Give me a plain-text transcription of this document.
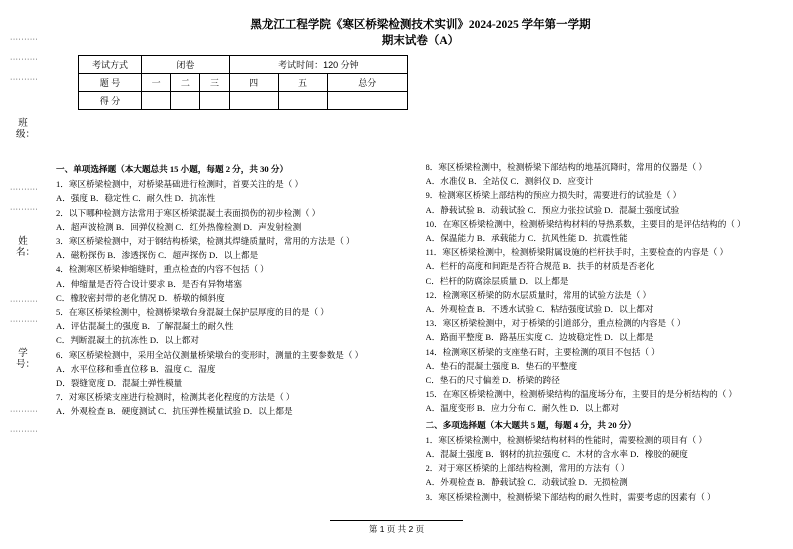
··········
··········
··········
班 级：
··········
··········
姓 名：
··········
··········
学 号：
··········
··········
黑龙江工程学院《寒区桥梁检测技术实训》2024-2025 学年第一学期
期末试卷（A）
考试方式	闭卷			考试时间：120 分钟		
题 号	一	二	三	四	五	总分
得 分						

一、单项选择题（本大题总共 15 小题，每题 2 分，共 30 分）

1．寒区桥梁检测中，对桥梁基础进行检测时，首要关注的是（ ）

A．强度 B．稳定性 C．耐久性 D．抗冻性

2．以下哪种检测方法常用于寒区桥梁混凝土表面损伤的初步检测（ ）

A．超声波检测 B．回弹仪检测 C．红外热像检测 D．声发射检测

3．寒区桥梁检测中，对于钢结构桥梁，检测其焊缝质量时，常用的方法是（ ）

A．磁粉探伤 B．渗透探伤 C．超声探伤 D．以上都是

4．检测寒区桥梁伸缩缝时，重点检查的内容不包括（ ）

A．伸缩量是否符合设计要求 B．是否有异物堵塞

C．橡胶密封带的老化情况 D．桥墩的倾斜度

5．在寒区桥梁检测中，检测桥梁墩台身混凝土保护层厚度的目的是（ ）

A．评估混凝土的强度 B．了解混凝土的耐久性

C．判断混凝土的抗冻性 D．以上都对

6．寒区桥梁检测中，采用全站仪测量桥梁墩台的变形时，测量的主要参数是（ ）

A．水平位移和垂直位移 B．温度 C．湿度

D．裂缝宽度 D．混凝土弹性模量

7．对寒区桥梁支座进行检测时，检测其老化程度的方法是（ ）

A．外观检查 B．硬度测试 C．抗压弹性模量试验 D．以上都是

8．寒区桥梁检测中，检测桥梁下部结构的地基沉降时，常用的仪器是（ ）

A．水准仪 B．全站仪 C．测斜仪 D．应变计

9．检测寒区桥梁上部结构的预应力损失时，需要进行的试验是（ ）

A．静载试验 B．动载试验 C．预应力张拉试验 D．混凝土强度试验

10．在寒区桥梁检测中，检测桥梁结构材料的导热系数，主要目的是评估结构的（ ）

A．保温能力 B．承载能力 C．抗风性能 D．抗震性能

11．寒区桥梁检测中，检测桥梁附属设施的栏杆扶手时，主要检查的内容是（ ）

A．栏杆的高度和间距是否符合规范 B．扶手的材质是否老化

C．栏杆的防腐涂层质量 D．以上都是

12．检测寒区桥梁的防水层质量时，常用的试验方法是（ ）

A．外观检查 B．不透水试验 C．粘结强度试验 D．以上都对

13．寒区桥梁检测中，对于桥梁的引道部分，重点检测的内容是（ ）

A．路面平整度 B．路基压实度 C．边坡稳定性 D．以上都是

14．检测寒区桥梁的支座垫石时，主要检测的项目不包括（ ）

A．垫石的混凝土强度 B．垫石的平整度

C．垫石的尺寸偏差 D．桥梁的跨径

15．在寒区桥梁检测中，检测桥梁结构的温度场分布，主要目的是分析结构的（ ）

A．温度变形 B．应力分布 C．耐久性 D．以上都对

二、多项选择题（本大题共 5 题，每题 4 分，共 20 分）

1．寒区桥梁检测中，检测桥梁结构材料的性能时，需要检测的项目有（ ）

A．混凝土强度 B．钢材的抗拉强度 C．木材的含水率 D．橡胶的硬度

2．对于寒区桥梁的上部结构检测，常用的方法有（ ）

A．外观检查 B．静载试验 C．动载试验 D．无损检测

3．寒区桥梁检测中，检测桥梁下部结构的耐久性时，需要考虑的因素有（ ）

第 1 页 共 2 页
